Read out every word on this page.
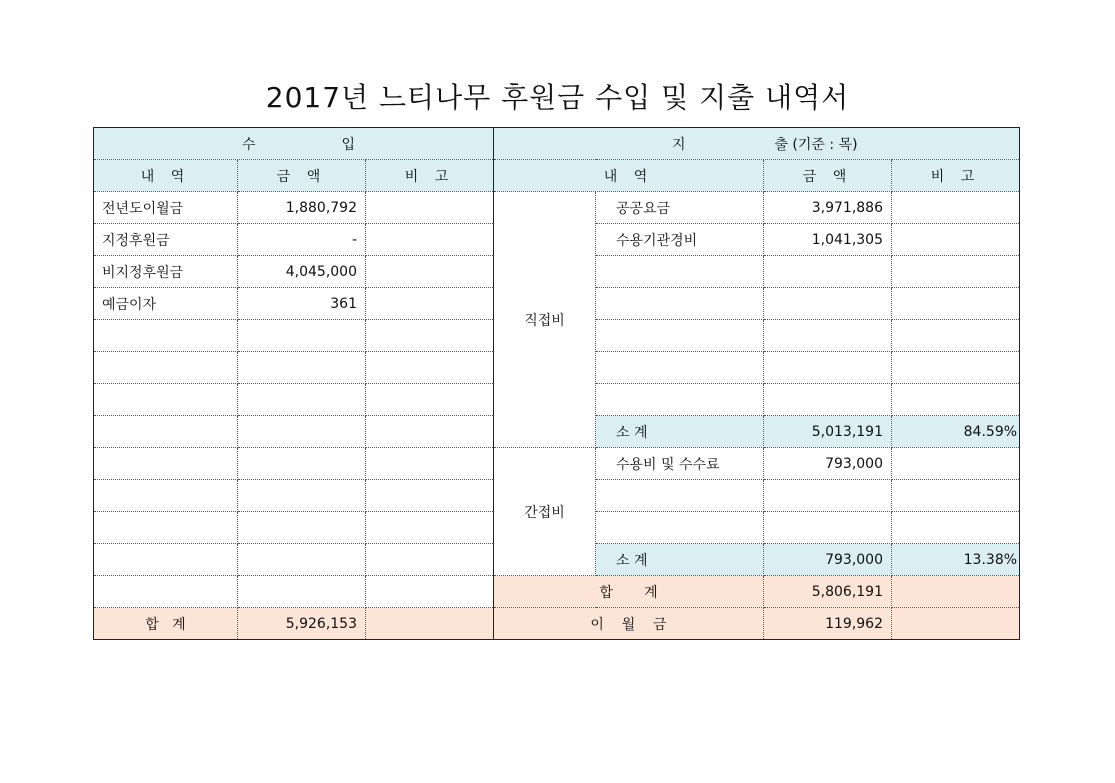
2017년 느티나무 후원금 수입 및 지출 내역서
수 입			지 출 (기준 : 목)			

내 역	금 액	비 고	내 역		금 액	비 고
전년도이월금	1,880,792		직접비	공공요금	3,971,886	
지정후원금	-			수용기관경비	1,041,305	
비지정후원금	4,045,000					
예금이자	361					

				소 계	5,013,191	84.59%
			간접비	수용비 및 수수료	793,000	

				소 계	793,000	13.38%
			합       계		5,806,191	
합   계	5,926,153		이    월    금		119,962	
